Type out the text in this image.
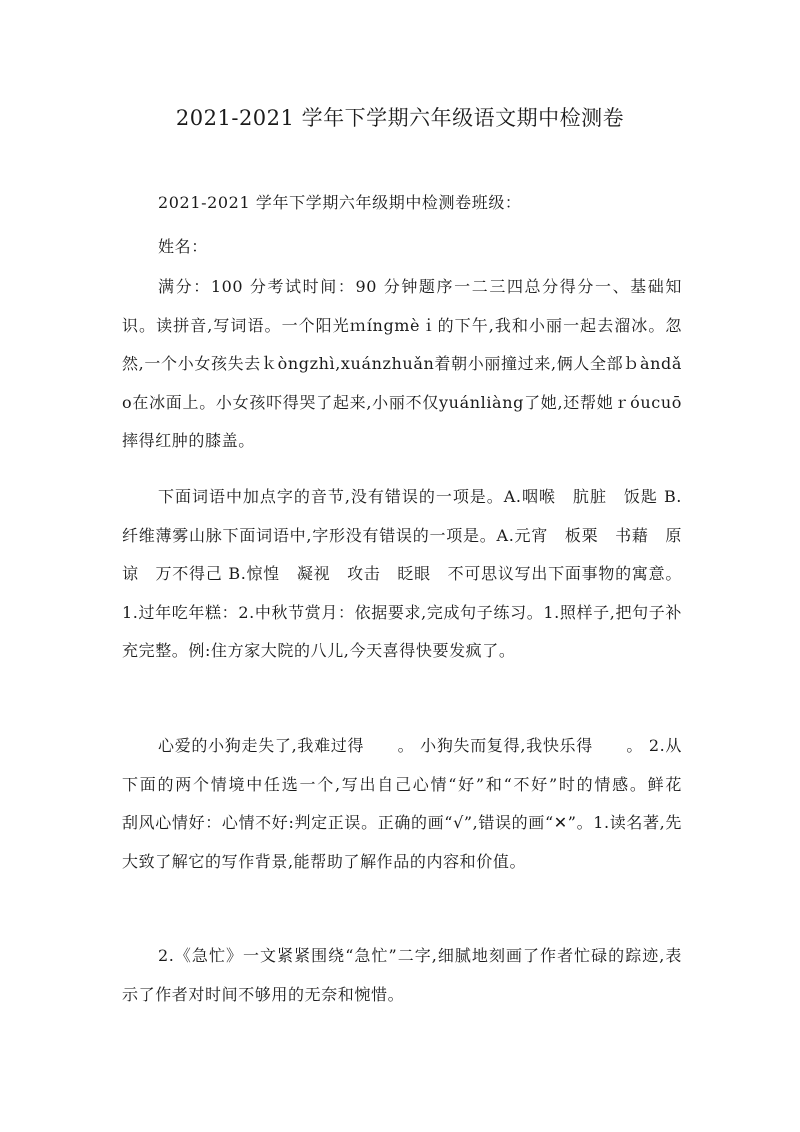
2021-2021 学年下学期六年级语文期中检测卷

2021-2021 学年下学期六年级期中检测卷班级：

姓名：

满分：100 分考试时间：90 分钟题序一二三四总分得分一、基础知识。读拼音,写词语。一个阳光ｍíngmèｉ的下午,我和小丽一起去溜冰。忽然,一个小女孩失去ｋòngzhì,xuánzhuǎn着朝小丽撞过来,俩人全部ｂàndǎo在冰面上。小女孩吓得哭了起来,小丽不仅yuánliàng了她,还帮她ｒóucuō摔得红肿的膝盖。

下面词语中加点字的音节,没有错误的一项是。A.咽喉　肮脏　饭匙 B.纤维薄雾山脉下面词语中,字形没有错误的一项是。A.元宵　板栗　书藉　原谅　万不得己 B.惊惶　凝视　攻击　眨眼　不可思议写出下面事物的寓意。1.过年吃年糕：2.中秋节赏月：依据要求,完成句子练习。1.照样子,把句子补充完整。例:住方家大院的八儿,今天喜得快要发疯了。

心爱的小狗走失了,我难过得　　。 小狗失而复得,我快乐得　　。 2.从下面的两个情境中任选一个,写出自己心情“好”和“不好”时的情感。鲜花　　刮风心情好：心情不好:判定正误。正确的画“√”,错误的画“✕”。1.读名著,先大致了解它的写作背景,能帮助了解作品的内容和价值。

2.《急忙》一文紧紧围绕“急忙”二字,细腻地刻画了作者忙碌的踪迹,表示了作者对时间不够用的无奈和惋惜。
